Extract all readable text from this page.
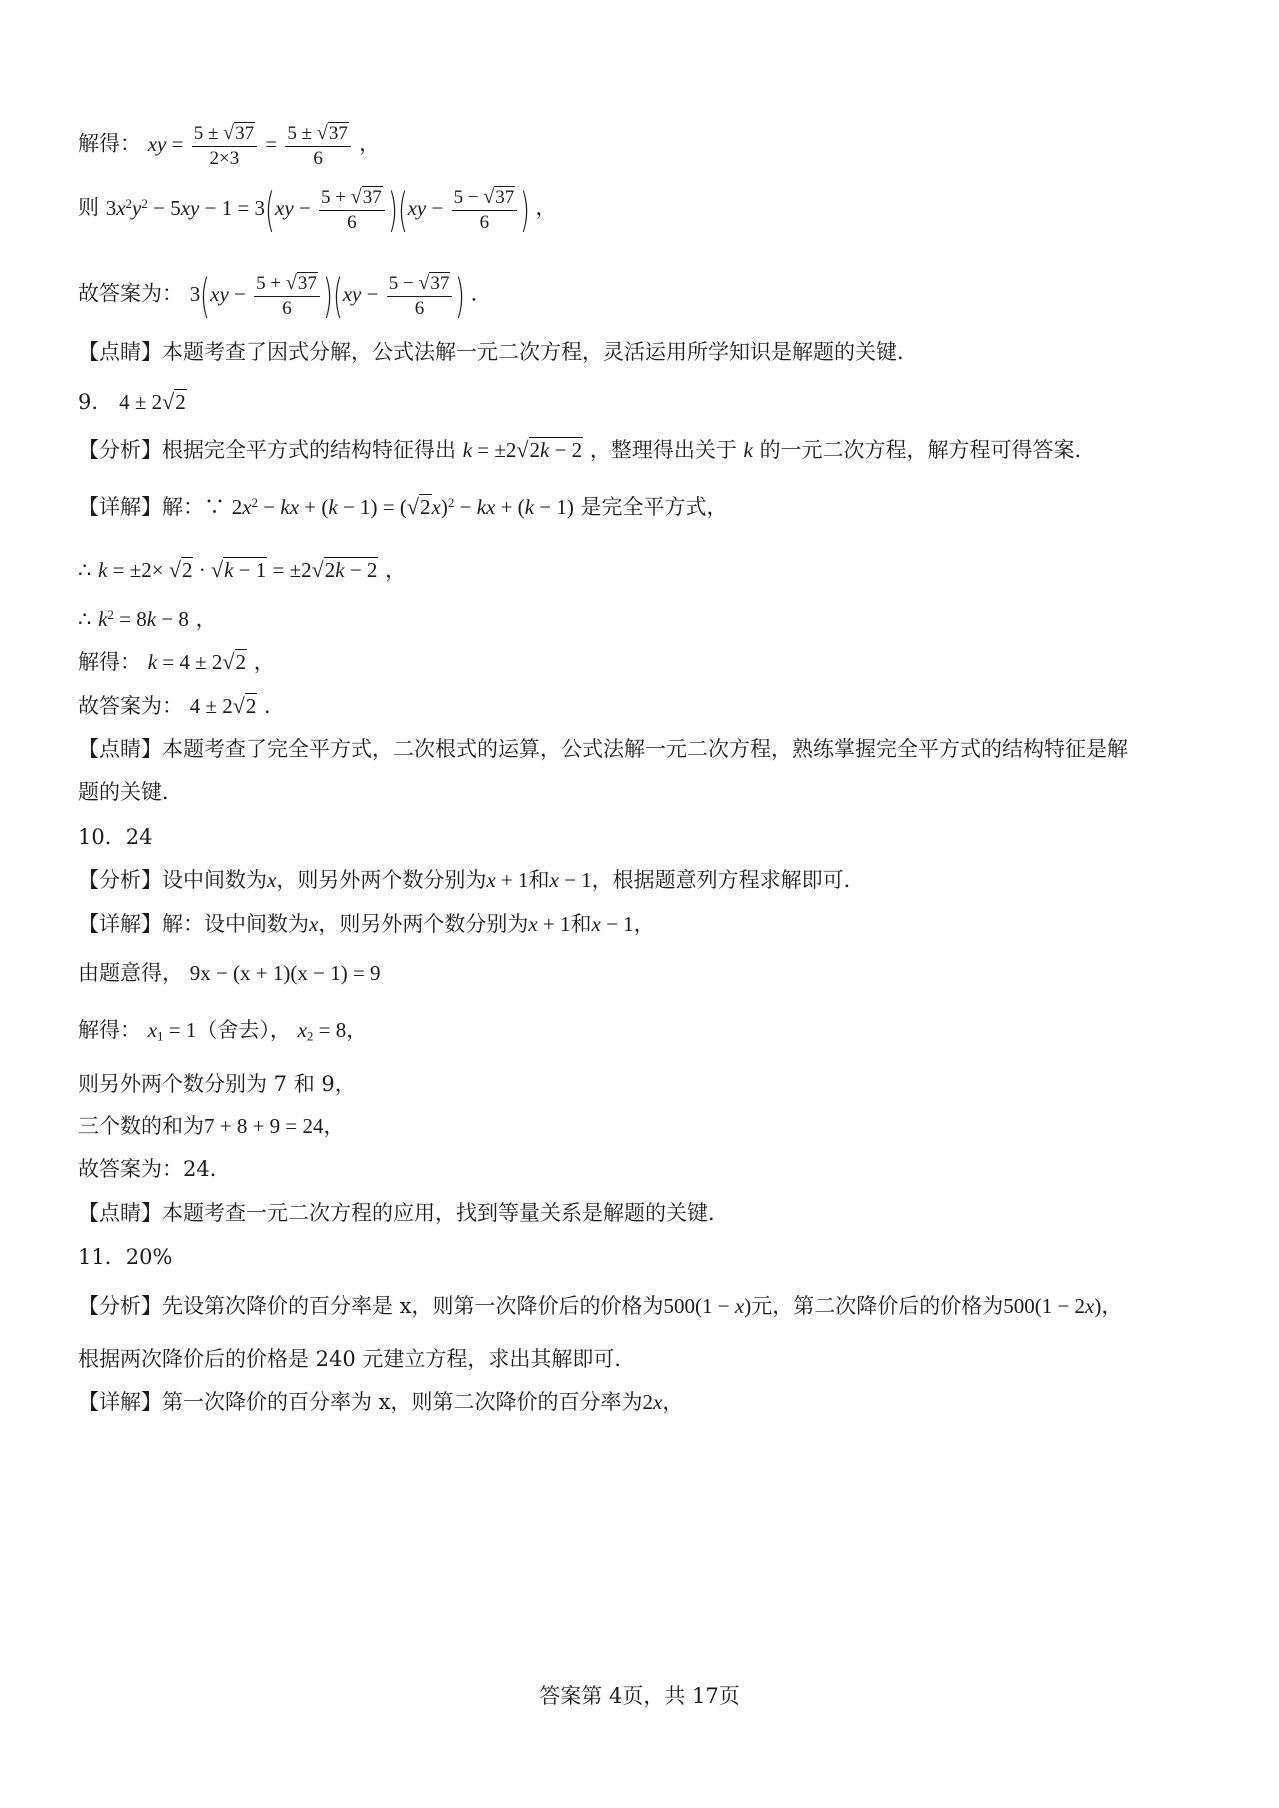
解得： xy = $\frac{5 \pm √ 37}{2\times 3} = \frac{5 \pm √ 37}{6}$ ，
则 $3x^2y^2 - 5xy - 1 = 3(xy - \frac{5 + √ 37}{6} )(xy - \frac{5 - √ 37}{6}$ ) ，
故答案为： $3(xy - \frac{5 + √ 37}{6} )(xy - \frac{5 - √ 37}{6}$ ) ．
【点睛】本题考查了因式分解，公式法解一元二次方程，灵活运用所学知识是解题的关键．
9． 4 ± 2 √ 2
【分析】根据完全平方式的结构特征得出 k = ±2 √ 2k − 2 ，整理得出关于 k 的一元二次方程，解方程可得答案．
【详解】解：∵ $2x^2$ − kx + (k − 1) = ( √ 2 x)$^2$ − kx + (k − 1) 是完全平方式，
∴ k = ±2× √ 2 · √ k − 1 = ±2 √ 2k − 2 ，
∴ $k^2 = 8k - 8$ ，
解得： k = 4 ± 2 √ 2 ，
故答案为： 4 ± 2 √ 2 ．
【点睛】本题考查了完全平方式，二次根式的运算，公式法解一元二次方程，熟练掌握完全平方式的结构特征是解
题的关键．
10．24
【分析】设中间数为x，则另外两个数分别为x + 1和x − 1，根据题意列方程求解即可．
【详解】解：设中间数为x，则另外两个数分别为x + 1和x − 1，
由题意得， 9x − (x + 1)(x − 1) = 9
解得： $x_1 = 1$（舍去）， $x_2 = 8$，
则另外两个数分别为 7 和 9，
三个数的和为7 + 8 + 9 = 24，
故答案为：24．
【点睛】本题考查一元二次方程的应用，找到等量关系是解题的关键．
11．20%
【分析】先设第次降价的百分率是 x，则第一次降价后的价格为500(1 − x)元，第二次降价后的价格为500(1 − 2x)，
根据两次降价后的价格是 240 元建立方程，求出其解即可．
【详解】第一次降价的百分率为 x，则第二次降价的百分率为2x，
答案第 4页，共 17页
